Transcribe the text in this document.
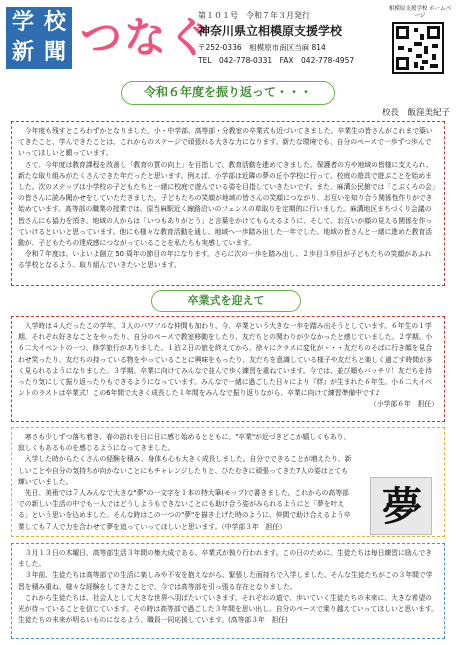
学 校
新 聞 つなぐ
第１０１号　令和７年３月発行
神奈川県立相模原支援学校
〒252-0336　相模原市南区当麻 814
TEL　042-778-0331　FAX　042-778-4957
相模原支援学校 ホームページ
令和６年度を振り返って・・・
校長　飯窪美紀子

今年度も残すところわずかとなりました。小・中学部、高等部・分教室の卒業式も近づいてきました。卒業生の皆さんがこれまで築いてきたこと、学んできたことは、これからのステージで頑張れる大きな力になります。新たな環境でも、自分のペースで一歩ずつ歩んでいってほしいと願っています。

さて、今年度は教育課程を改善し「教育の質の向上」を目指して、教育活動を進めてきました。保護者の方や地域の皆様に支えられ、新たな取り組みがたくさんできた年だったと思います。例えば、小学部は近隣の夢の丘小学校に行って、校庭の遊具で遊ぶことを始めました。次のステップは小学校の子どもたちと一緒に校庭で遊んでいる姿を目指していきたいです。また、麻溝公民館では「こぶくろの会」の皆さんに読み聞かせをしていただきました。子どもたちの笑顔が地域の皆さんの笑顔につながり、お互いを知り合う関係性作りができ始めています。高等部の職業の授業では、原当麻駅近く線路沿いのフェンスの草取りを定期的に行いました。麻溝地区まちづくり会議の皆さんにも協力を頂き、地域の人からは「いつもありがとう」と言葉をかけてもらえるように、そして、お互いが顔の見える関係を作っていけるといいと思っています。他にも様々な教育活動を通し、地域へ一歩踏み出した一年でした。地域の皆さんと一緒に進めた教育活動が、子どもたちの達成感につながっていることを私たちも実感しています。

令和７年度は、いよいよ創立 50 周年の節目の年になります。さらに次の一歩を踏み出し、２歩目３歩目が子どもたちの笑顔があふれる学校となるよう、取り組んでいきたいと思います。

卒業式を迎えて

入学時は４人だったこの学年、３人のパワフルな仲間も加わり、今、卒業という大きな一歩を踏み出そうとしています。６年生の１学期、それぞれ好きなことをやったり、自分のペースで教室移動をしたり、友だちとの関わりが少なかったと感じていました。２学期、小６二大イベントの一つ、修学旅行がありました。１泊２日の旅を終えてから、徐々にクラスに変化が・・・友だちのそばに行き顔を見合わせ笑ったり、友だちの持っている物をやっていることに興味をもったり、友だちを意識している様子や友だちと楽しく過ごす時間が多く見られるようになりました。３学期、卒業に向けてみんなで並んで歩く練習を重ねています。今では、並び順もバッチリ！友だちを待ったり気にして振り返ったりもできるようになっています。みんなで一緒に過ごした日々により『絆』が生まれた６年生。小６二大イベントのラストは卒業式！この6年間で大きく成長した１年間をみんなで振り返りながら、卒業に向けて練習準備中です♪

（小学部６年　担任）

寒さも少しずつ落ち着き、春の訪れを日に日に感じ始めるとともに、"卒業"が近づきどこか嬉しくもあり、寂しくもあるものを感じるようになってきました。

入学した時からたくさんの経験を積み、身体も心も大きく成長しました。自分でできることが増えたり、新しいことや自分の気持ちが向かないことにもチャレンジしたりと、ひたむきに頑張ってきた7人の姿はとても輝いていました。

先日、美術では７人みんなで大きな"夢"の一文字を１本の特大筆(モップ)で書きました。これからの高等部での新しい生活の中でも一人ではどうしようもできないことにも助け合う姿がみられるようにと「夢を叶える」という思いを込めました。そんな時はこの一つの"夢"を描き上げた時のように、仲間で助け合えるよう卒業しても７人で力を合わせて夢を追っていってほしいと思います。（中学部３年　担任）	夢

３月１３日の木曜日、高等部生活３年間の集大成である、卒業式が執り行われます。この日のために、生徒たちは毎日練習に励んできました。

３年前、生徒たちは高等部での生活に楽しみや不安を抱えながら、緊張した面持ちで入学しました。そんな生徒たちがこの３年間で学習を積み重ね、様々な経験をしてきたことで、今では高等部を引っ張る存在となりました。

これから生徒たちは、社会人として大きな世界へ羽ばたいていきます。それぞれの道で、歩いていく生徒たちの未来に、大きな希望の光が待っていることを信じています。その時は高等部で過ごした３年間を思い出し、自分のペースで乗り越えていってほしいと思います。生徒たちの未来が明るいものになるよう、職員一同応援しています。(高等部３年　担任)
